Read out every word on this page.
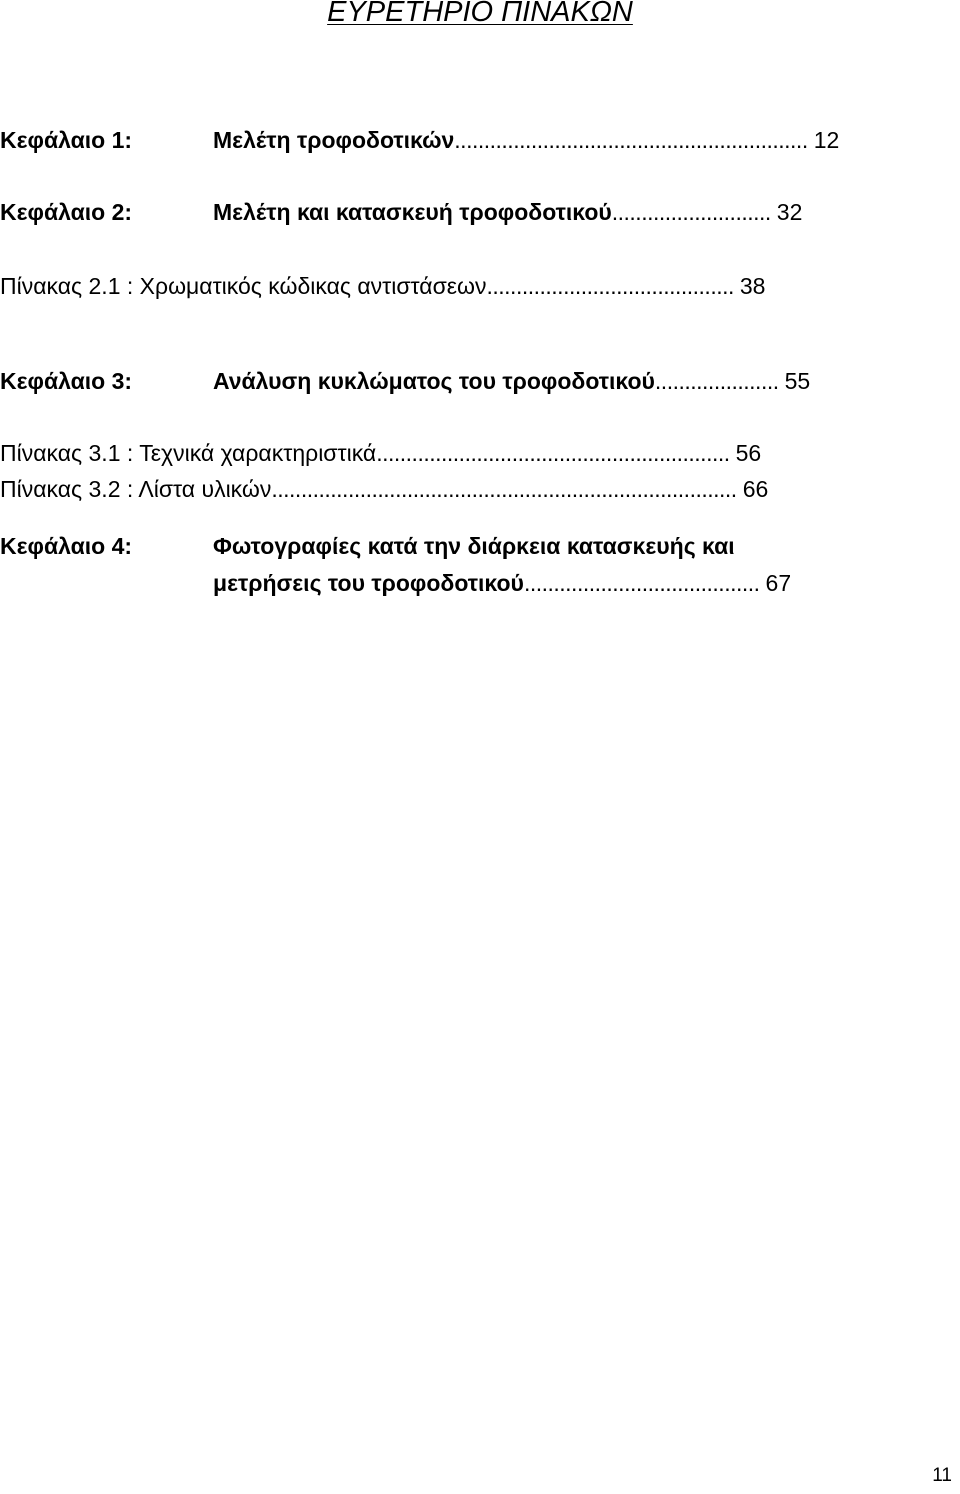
ΕΥΡΕΤΗΡΙΟ ΠΙΝΑΚΩΝ
Κεφάλαιο 1:	Μελέτη τροφοδοτικών............................................................ 12
Κεφάλαιο 2:	Μελέτη και κατασκευή τροφοδοτικού........................... 32
Πίνακας 2.1 : Χρωματικός κώδικας αντιστάσεων.......................................... 38
Κεφάλαιο 3:	Ανάλυση κυκλώματος του τροφοδοτικού..................... 55
Πίνακας 3.1 : Τεχνικά χαρακτηριστικά............................................................ 56
Πίνακας 3.2 : Λίστα υλικών............................................................................... 66
Κεφάλαιο 4:	Φωτογραφίες κατά την διάρκεια κατασκευής και
μετρήσεις του τροφοδοτικού........................................ 67
11
